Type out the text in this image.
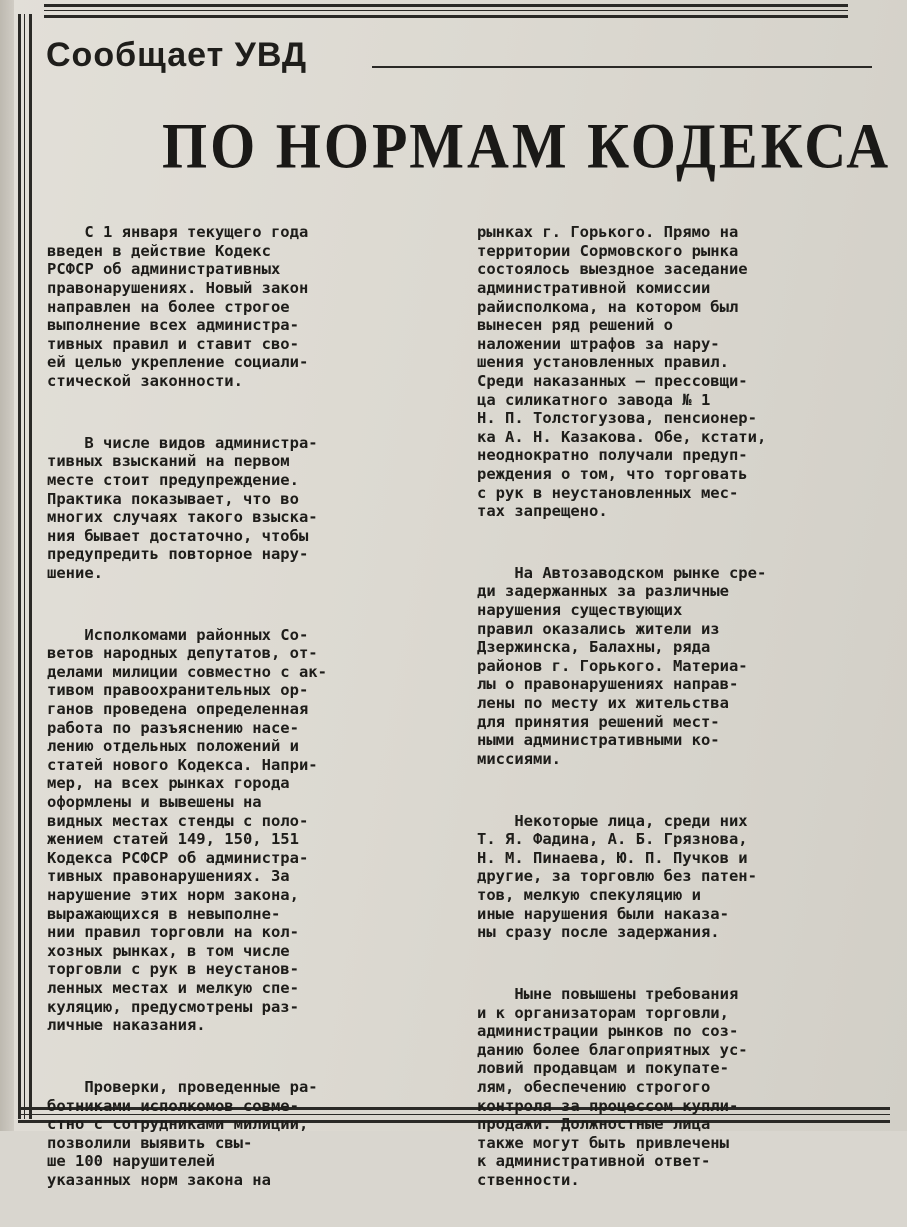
Сообщает УВД
ПО НОРМАМ КОДЕКСА

С 1 января текущего года
введен в действие Кодекс
РСФСР об административных
правонарушениях. Новый закон
направлен на более строгое
выполнение всех администра-
тивных правил и ставит сво-
ей целью укрепление социали-
стической законности.

В числе видов администра-
тивных взысканий на первом
месте стоит предупреждение.
Практика показывает, что во
многих случаях такого взыска-
ния бывает достаточно, чтобы
предупредить повторное нару-
шение.

Исполкомами районных Со-
ветов народных депутатов, от-
делами милиции совместно с ак-
тивом правоохранительных ор-
ганов проведена определенная
работа по разъяснению насе-
лению отдельных положений и
статей нового Кодекса. Напри-
мер, на всех рынках города
оформлены и вывешены на
видных местах стенды с поло-
жением статей 149, 150, 151
Кодекса РСФСР об администра-
тивных правонарушениях. За
нарушение этих норм закона,
выражающихся в невыполне-
нии правил торговли на кол-
хозных рынках, в том числе
торговли с рук в неустанов-
ленных местах и мелкую спе-
куляцию, предусмотрены раз-
личные наказания.

Проверки, проведенные ра-
ботниками исполкомов совме-
стно с сотрудниками милиции,
позволили выявить свы-
ше 100 нарушителей
указанных норм закона на

рынках г. Горького. Прямо на
территории Сормовского рынка
состоялось выездное заседание
административной комиссии
райисполкома, на котором был
вынесен ряд решений о
наложении штрафов за нару-
шения установленных правил.
Среди наказанных — прессовщи-
ца силикатного завода № 1
Н. П. Толстогузова, пенсионер-
ка А. Н. Казакова. Обе, кстати,
неоднократно получали предуп-
реждения о том, что торговать
с рук в неустановленных мес-
тах запрещено.

На Автозаводском рынке сре-
ди задержанных за различные
нарушения существующих
правил оказались жители из
Дзержинска, Балахны, ряда
районов г. Горького. Материа-
лы о правонарушениях направ-
лены по месту их жительства
для принятия решений мест-
ными административными ко-
миссиями.

Некоторые лица, среди них
Т. Я. Фадина, А. Б. Грязнова,
Н. М. Пинаева, Ю. П. Пучков и
другие, за торговлю без патен-
тов, мелкую спекуляцию и
иные нарушения были наказа-
ны сразу после задержания.

Ныне повышены требования
и к организаторам торговли,
администрации рынков по соз-
данию более благоприятных ус-
ловий продавцам и покупате-
лям, обеспечению строгого
контроля за процессом купли-
продажи. Должностные лица
также могут быть привлечены
к административной ответ-
ственности.
